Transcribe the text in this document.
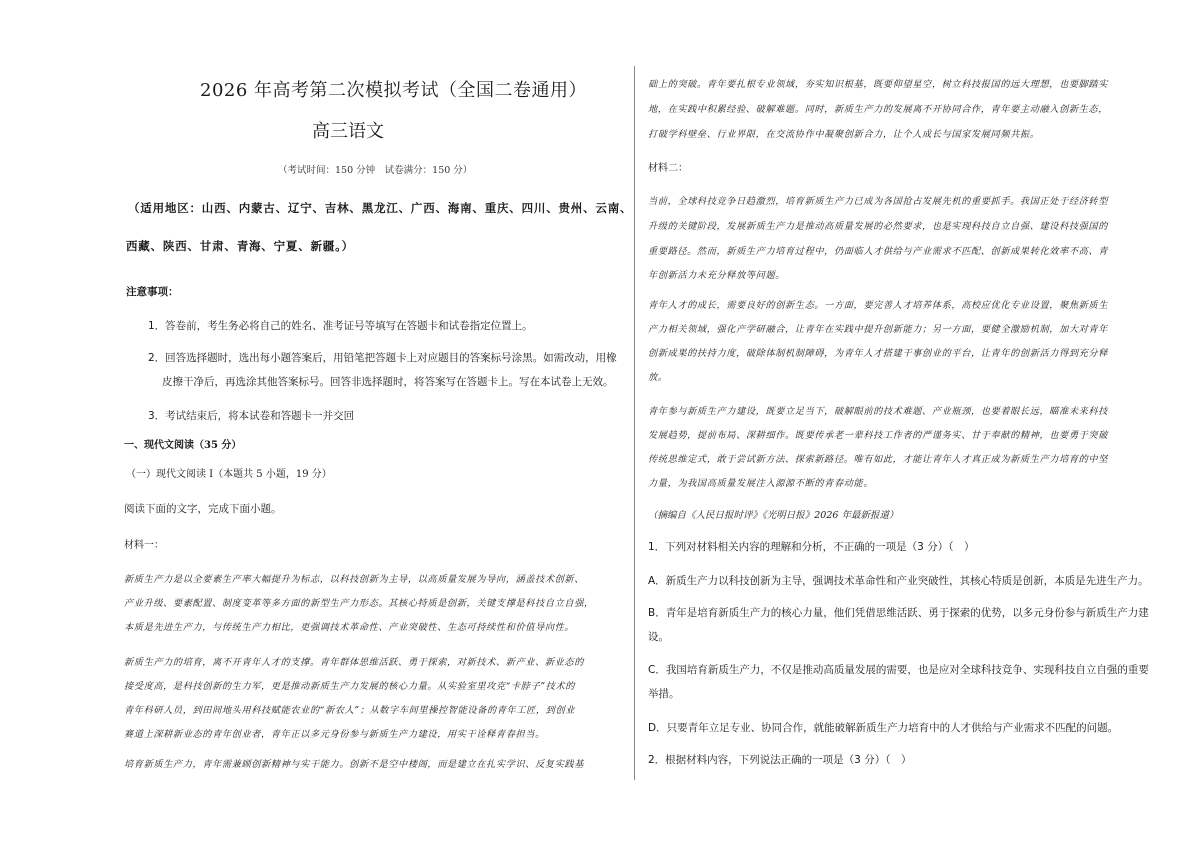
2026 年高考第二次模拟考试（全国二卷通用）

高三语文

（考试时间：150 分钟　试卷满分：150 分）

（适用地区：山西、内蒙古、辽宁、吉林、黑龙江、广西、海南、重庆、四川、贵州、云南、

西藏、陕西、甘肃、青海、宁夏、新疆。）

注意事项：

1．答卷前，考生务必将自己的姓名、准考证号等填写在答题卡和试卷指定位置上。

2．回答选择题时，选出每小题答案后，用铅笔把答题卡上对应题目的答案标号涂黑。如需改动，用橡

皮擦干净后，再选涂其他答案标号。回答非选择题时，将答案写在答题卡上。写在本试卷上无效。

3．考试结束后，将本试卷和答题卡一并交回

一、现代文阅读（35 分）

（一）现代文阅读 I（本题共 5 小题，19 分）

阅读下面的文字，完成下面小题。

材料一：

新质生产力是以全要素生产率大幅提升为标志，以科技创新为主导，以高质量发展为导向，涵盖技术创新、

产业升级、要素配置、制度变革等多方面的新型生产力形态。其核心特质是创新，关键支撑是科技自立自强，

本质是先进生产力，与传统生产力相比，更强调技术革命性、产业突破性、生态可持续性和价值导向性。

新质生产力的培育，离不开青年人才的支撑。青年群体思维活跃、勇于探索，对新技术、新产业、新业态的

接受度高，是科技创新的生力军，更是推动新质生产力发展的核心力量。从实验室里攻克“卡脖子”技术的

青年科研人员，到田间地头用科技赋能农业的“新农人”；从数字车间里操控智能设备的青年工匠，到创业

赛道上深耕新业态的青年创业者，青年正以多元身份参与新质生产力建设，用实干诠释青春担当。

培育新质生产力，青年需兼顾创新精神与实干能力。创新不是空中楼阁，而是建立在扎实学识、反复实践基

础上的突破。青年要扎根专业领域，夯实知识根基，既要仰望星空，树立科技报国的远大理想，也要脚踏实

地，在实践中积累经验、破解难题。同时，新质生产力的发展离不开协同合作，青年要主动融入创新生态，

打破学科壁垒、行业界限，在交流协作中凝聚创新合力，让个人成长与国家发展同频共振。

材料二：

当前，全球科技竞争日趋激烈，培育新质生产力已成为各国抢占发展先机的重要抓手。我国正处于经济转型

升级的关键阶段，发展新质生产力是推动高质量发展的必然要求，也是实现科技自立自强、建设科技强国的

重要路径。然而，新质生产力培育过程中，仍面临人才供给与产业需求不匹配、创新成果转化效率不高、青

年创新活力未充分释放等问题。

青年人才的成长，需要良好的创新生态。一方面，要完善人才培养体系，高校应优化专业设置，聚焦新质生

产力相关领域，强化产学研融合，让青年在实践中提升创新能力；另一方面，要健全激励机制，加大对青年

创新成果的扶持力度，破除体制机制障碍，为青年人才搭建干事创业的平台，让青年的创新活力得到充分释

放。

青年参与新质生产力建设，既要立足当下，破解眼前的技术难题、产业瓶颈，也要着眼长远，瞄准未来科技

发展趋势，提前布局、深耕细作。既要传承老一辈科技工作者的严谨务实、甘于奉献的精神，也要勇于突破

传统思维定式，敢于尝试新方法、探索新路径。唯有如此，才能让青年人才真正成为新质生产力培育的中坚

力量，为我国高质量发展注入源源不断的青春动能。

（摘编自《人民日报时评》《光明日报》2026 年最新报道）

1．下列对材料相关内容的理解和分析，不正确的一项是（3 分）（　）

A．新质生产力以科技创新为主导，强调技术革命性和产业突破性，其核心特质是创新，本质是先进生产力。

B．青年是培育新质生产力的核心力量，他们凭借思维活跃、勇于探索的优势，以多元身份参与新质生产力建

设。

C．我国培育新质生产力，不仅是推动高质量发展的需要，也是应对全球科技竞争、实现科技自立自强的重要

举措。

D．只要青年立足专业、协同合作，就能破解新质生产力培育中的人才供给与产业需求不匹配的问题。

2．根据材料内容，下列说法正确的一项是（3 分）（　）
